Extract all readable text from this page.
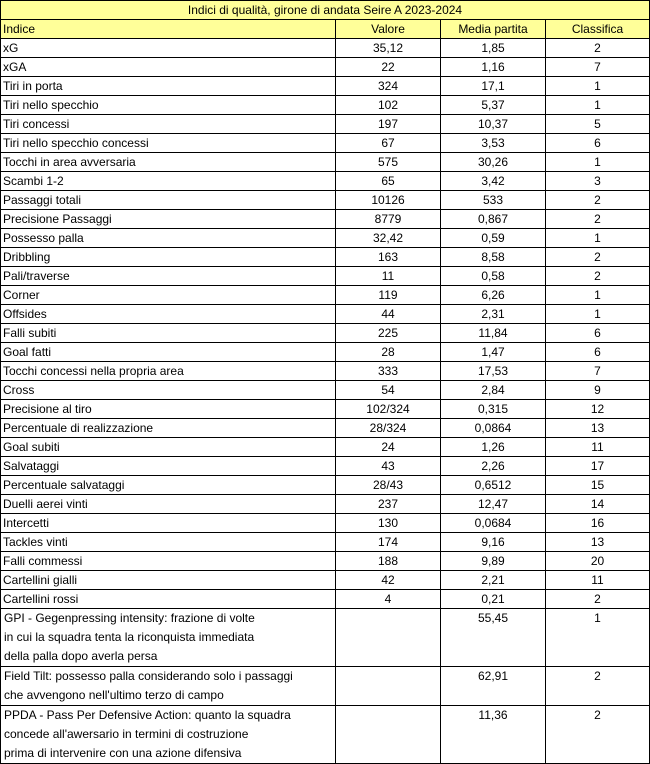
Indici di qualità, girone di andata Seire A 2023-2024			
Indice	Valore	Media partita	Classifica
xG	35,12	1,85	2
xGA	22	1,16	7
Tiri in porta	324	17,1	1
Tiri nello specchio	102	5,37	1
Tiri concessi	197	10,37	5
Tiri nello specchio concessi	67	3,53	6
Tocchi in area avversaria	575	30,26	1
Scambi 1-2	65	3,42	3
Passaggi totali	10126	533	2
Precisione Passaggi	8779	0,867	2
Possesso palla	32,42	0,59	1
Dribbling	163	8,58	2
Pali/traverse	11	0,58	2
Corner	119	6,26	1
Offsides	44	2,31	1
Falli subiti	225	11,84	6
Goal fatti	28	1,47	6
Tocchi concessi nella propria area	333	17,53	7
Cross	54	2,84	9
Precisione al tiro	102/324	0,315	12
Percentuale di realizzazione	28/324	0,0864	13
Goal subiti	24	1,26	11
Salvataggi	43	2,26	17
Percentuale salvataggi	28/43	0,6512	15
Duelli aerei vinti	237	12,47	14
Intercetti	130	0,0684	16
Tackles vinti	174	9,16	13
Falli commessi	188	9,89	20
Cartellini gialli	42	2,21	11
Cartellini rossi	4	0,21	2

GPI - Gegenpressing intensity: frazione di volte
in cui la squadra tenta la riconquista immediata
della palla dopo averla persa		55,45	1

Field Tilt: possesso palla considerando solo i passaggi
che avvengono nell'ultimo terzo di campo		62,91	2

PPDA - Pass Per Defensive Action: quanto la squadra
concede all'awersario in termini di costruzione
prima di intervenire con una azione difensiva		11,36	2
